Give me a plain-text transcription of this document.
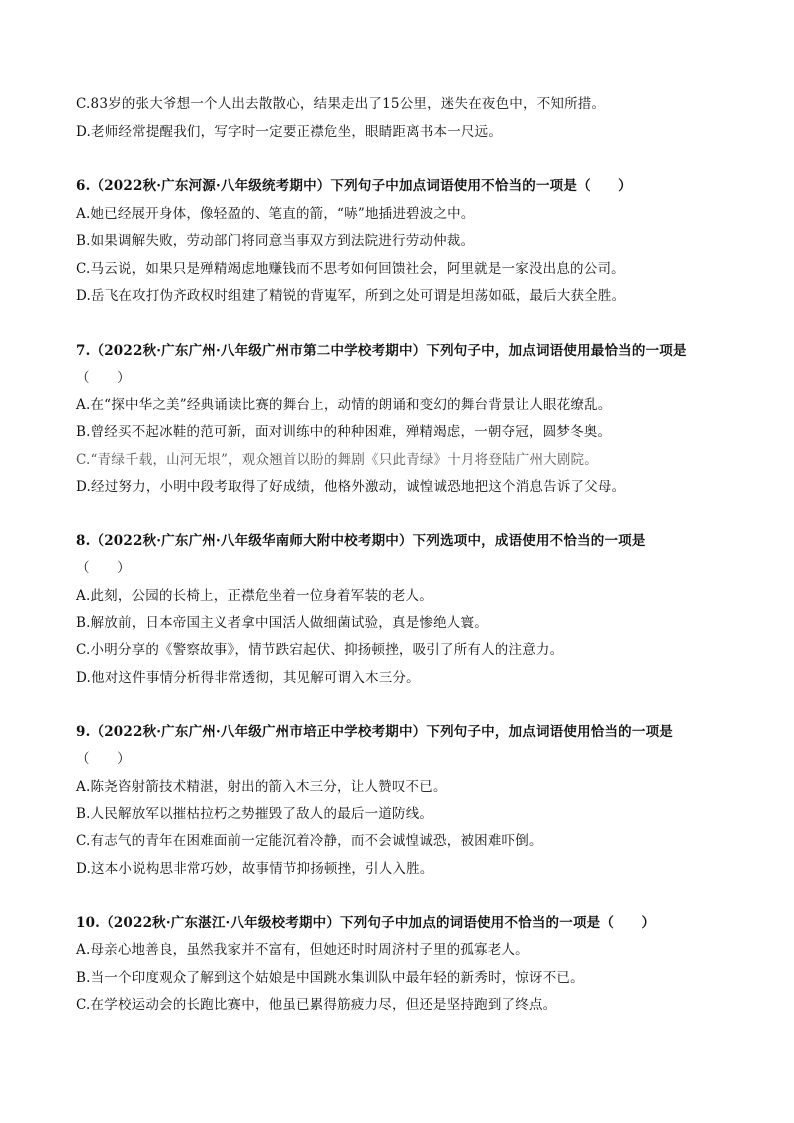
C.83岁的张大爷想一个人出去散散心，结果走出了15公里，迷失在夜色中，不知所措。
D.老师经常提醒我们，写字时一定要正襟危坐，眼睛距离书本一尺远。
6.（2022秋·广东河源·八年级统考期中）下列句子中加点词语使用不恰当的一项是（　　）
A.她已经展开身体，像轻盈的、笔直的箭，“哧”地插进碧波之中。
B.如果调解失败，劳动部门将同意当事双方到法院进行劳动仲裁。
C.马云说，如果只是殚精竭虑地赚钱而不思考如何回馈社会，阿里就是一家没出息的公司。
D.岳飞在攻打伪齐政权时组建了精锐的背嵬军，所到之处可谓是坦荡如砥，最后大获全胜。
7.（2022秋·广东广州·八年级广州市第二中学校考期中）下列句子中，加点词语使用最恰当的一项是
（　　）
A.在“探中华之美”经典诵读比赛的舞台上，动情的朗诵和变幻的舞台背景让人眼花缭乱。
B.曾经买不起冰鞋的范可新，面对训练中的种种困难，殚精竭虑，一朝夺冠，圆梦冬奥。
C.“青绿千载，山河无垠”，观众翘首以盼的舞剧《只此青绿》十月将登陆广州大剧院。
D.经过努力，小明中段考取得了好成绩，他格外激动，诚惶诚恐地把这个消息告诉了父母。
8.（2022秋·广东广州·八年级华南师大附中校考期中）下列选项中，成语使用不恰当的一项是
（　　）
A.此刻，公园的长椅上，正襟危坐着一位身着军装的老人。
B.解放前，日本帝国主义者拿中国活人做细菌试验，真是惨绝人寰。
C.小明分享的《警察故事》，情节跌宕起伏、抑扬顿挫，吸引了所有人的注意力。
D.他对这件事情分析得非常透彻，其见解可谓入木三分。
9.（2022秋·广东广州·八年级广州市培正中学校考期中）下列句子中，加点词语使用恰当的一项是
（　　）
A.陈尧咨射箭技术精湛，射出的箭入木三分，让人赞叹不已。
B.人民解放军以摧枯拉朽之势摧毁了敌人的最后一道防线。
C.有志气的青年在困难面前一定能沉着冷静，而不会诚惶诚恐，被困难吓倒。
D.这本小说构思非常巧妙，故事情节抑扬顿挫，引人入胜。
10.（2022秋·广东湛江·八年级校考期中）下列句子中加点的词语使用不恰当的一项是（　　）
A.母亲心地善良，虽然我家并不富有，但她还时时周济村子里的孤寡老人。
B.当一个印度观众了解到这个姑娘是中国跳水集训队中最年轻的新秀时，惊讶不已。
C.在学校运动会的长跑比赛中，他虽已累得筋疲力尽，但还是坚持跑到了终点。
